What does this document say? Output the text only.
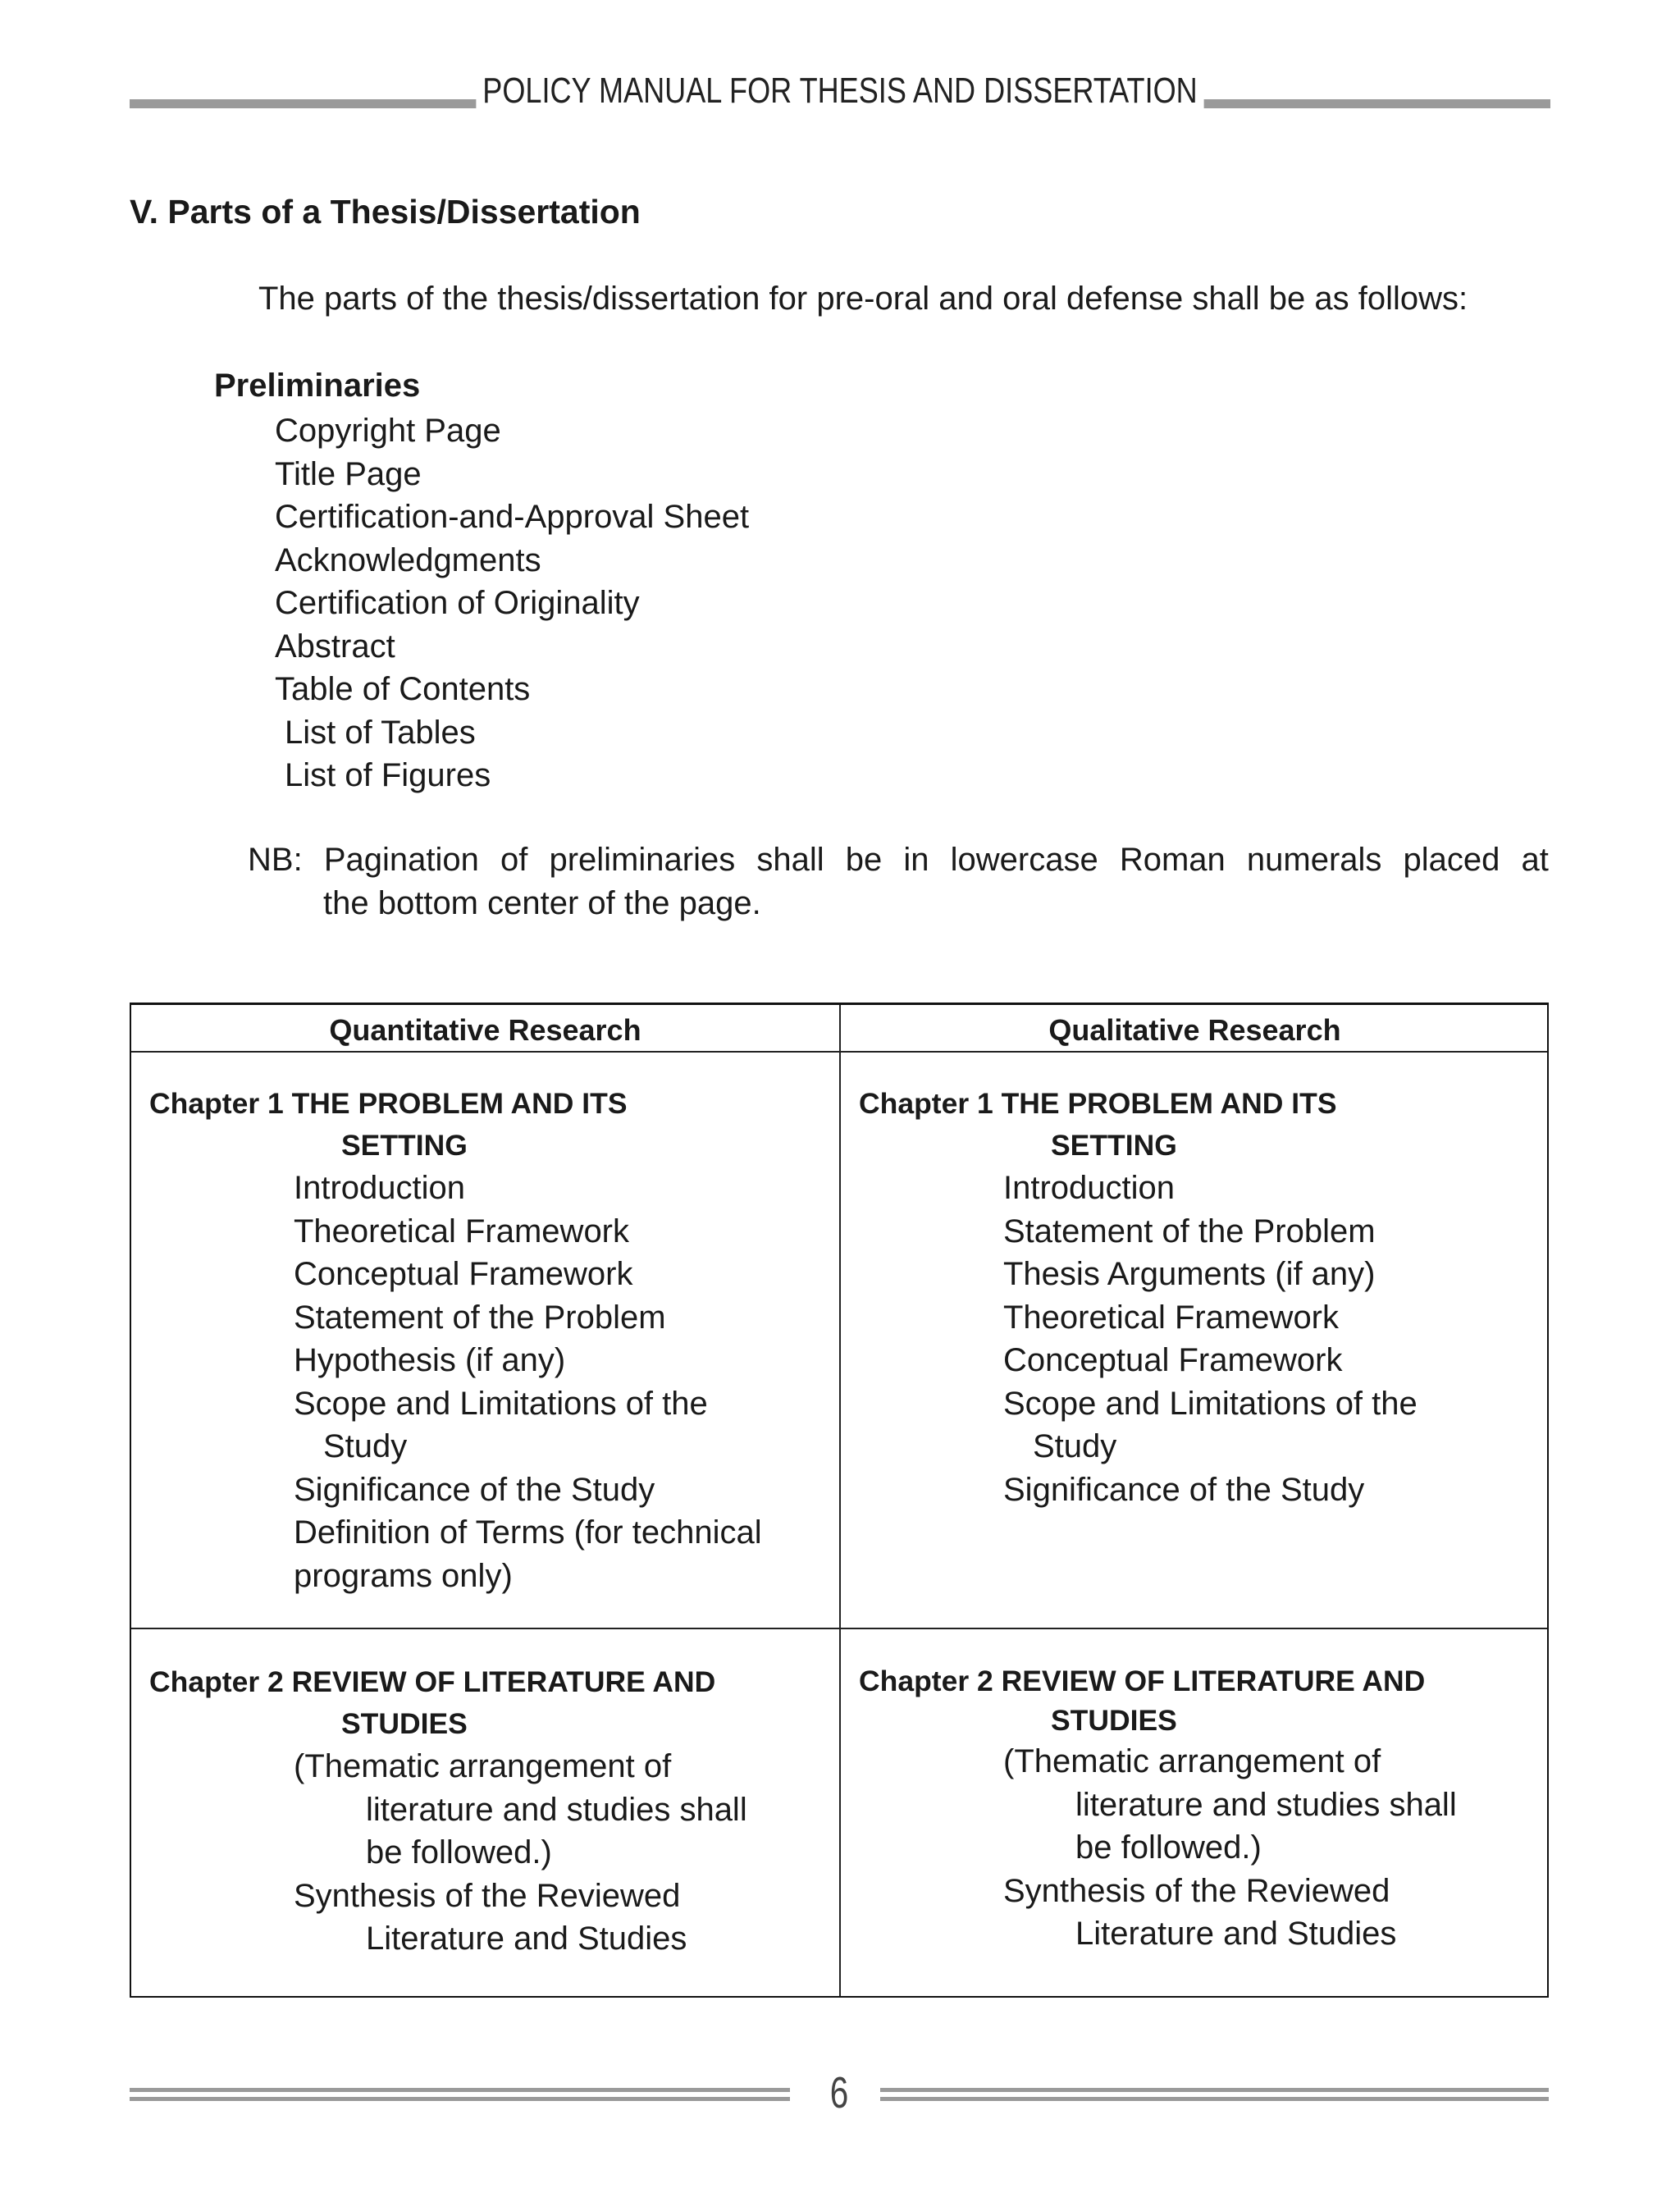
POLICY MANUAL FOR THESIS AND DISSERTATION
V. Parts of a Thesis/Dissertation
The parts of the thesis/dissertation for pre-oral and oral defense shall be as follows:
Preliminaries
Copyright Page
Title Page
Certification-and-Approval Sheet
Acknowledgments
Certification of Originality
Abstract
Table of Contents
List of Tables
List of Figures
NB: Pagination of preliminaries shall be in lowercase Roman numerals placed at
the bottom center of the page.
Quantitative Research	Qualitative Research
Chapter 1 THE PROBLEM AND ITS
SETTING
Introduction
Theoretical Framework
Conceptual Framework
Statement of the Problem
Hypothesis (if any)
Scope and Limitations of the
Study
Significance of the Study
Definition of Terms (for technical
programs only)
Chapter 1 THE PROBLEM AND ITS
SETTING
Introduction
Statement of the Problem
Thesis Arguments (if any)
Theoretical Framework
Conceptual Framework
Scope and Limitations of the
Study
Significance of the Study
Chapter 2 REVIEW OF LITERATURE AND
STUDIES
(Thematic arrangement of
literature and studies shall
be followed.)
Synthesis of the Reviewed
Literature and Studies
Chapter 2 REVIEW OF LITERATURE AND
STUDIES
(Thematic arrangement of
literature and studies shall
be followed.)
Synthesis of the Reviewed
Literature and Studies
6
